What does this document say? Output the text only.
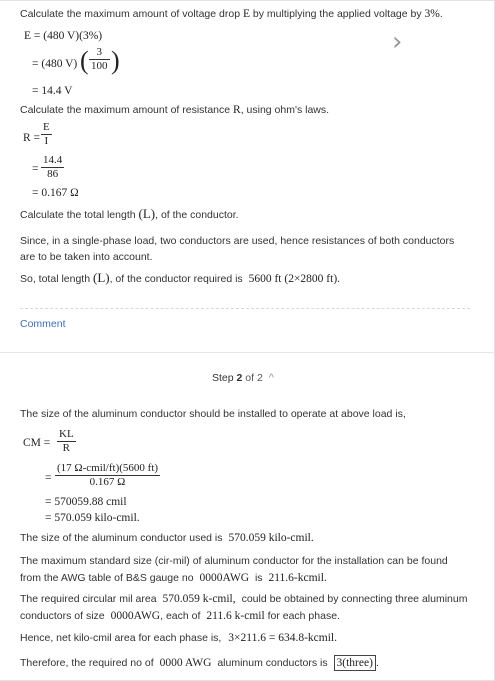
Calculate the maximum amount of voltage drop E by multiplying the applied voltage by 3%.
E = (480 V)(3%)
= (480 V) ( $\frac{3}{100}$ )
= 14.4 V
›
Calculate the maximum amount of resistance R, using ohm's laws.
$R = \frac{E}{I}$
= $\frac{14.4}{86}$
= 0.167 Ω
Calculate the total length (L), of the conductor.
Since, in a single-phase load, two conductors are used, hence resistances of both conductors
are to be taken into account.
So, total length (L), of the conductor required is 5600 ft (2×2800 ft).
Comment
Step 2 of 2 ^
The size of the aluminum conductor should be installed to operate at above load is,
CM = $\frac{KL}{R}$
=
(17 Ω-cmil/ft)(5600 ft)
0.167 Ω
= 570059.88 cmil
= 570.059 kilo-cmil.
The size of the aluminum conductor used is 570.059 kilo-cmil.
The maximum standard size (cir-mil) of aluminum conductor for the installation can be found
from the AWG table of B&S gauge no 0000AWG is 211.6-kcmil.
The required circular mil area 570.059 k-cmil, could be obtained by connecting three aluminum
conductors of size 0000AWG, each of 211.6 k-cmil for each phase.
Hence, net kilo-cmil area for each phase is, 3×211.6 = 634.8-kcmil.
Therefore, the required no of 0000 AWG aluminum conductors is 3(three) .
